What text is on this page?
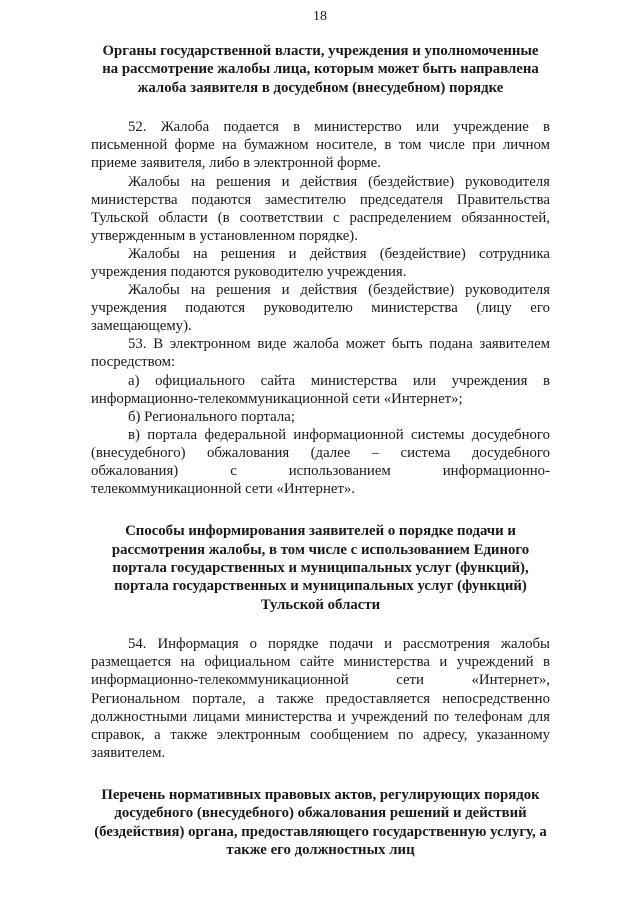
18
Органы государственной власти, учреждения и уполномоченные
на рассмотрение жалобы лица, которым может быть направлена
жалоба заявителя в досудебном (внесудебном) порядке
52. Жалоба подается в министерство или учреждение в
письменной форме на бумажном носителе, в том числе при личном
приеме заявителя, либо в электронной форме.
Жалобы на решения и действия (бездействие) руководителя
министерства подаются заместителю председателя Правительства
Тульской области (в соответствии с распределением обязанностей,
утвержденным в установленном порядке).
Жалобы на решения и действия (бездействие) сотрудника
учреждения подаются руководителю учреждения.
Жалобы на решения и действия (бездействие) руководителя
учреждения подаются руководителю министерства (лицу его
замещающему).
53. В электронном виде жалоба может быть подана заявителем
посредством:
а) официального сайта министерства или учреждения в
информационно-телекоммуникационной сети «Интернет»;
б) Регионального портала;
в) портала федеральной информационной системы досудебного
(внесудебного) обжалования (далее – система досудебного
обжалования)	с	использованием	информационно-
телекоммуникационной сети «Интернет».
Способы информирования заявителей о порядке подачи и
рассмотрения жалобы, в том числе с использованием Единого
портала государственных и муниципальных услуг (функций),
портала государственных и муниципальных услуг (функций)
Тульской области
54. Информация о порядке подачи и рассмотрения жалобы
размещается на официальном сайте министерства и учреждений в
информационно-телекоммуникационной	сети	«Интернет»,
Региональном портале, а также предоставляется непосредственно
должностными лицами министерства и учреждений по телефонам для
справок, а также электронным сообщением по адресу, указанному
заявителем.
Перечень нормативных правовых актов, регулирующих порядок
досудебного (внесудебного) обжалования решений и действий
(бездействия) органа, предоставляющего государственную услугу, а
также его должностных лиц
